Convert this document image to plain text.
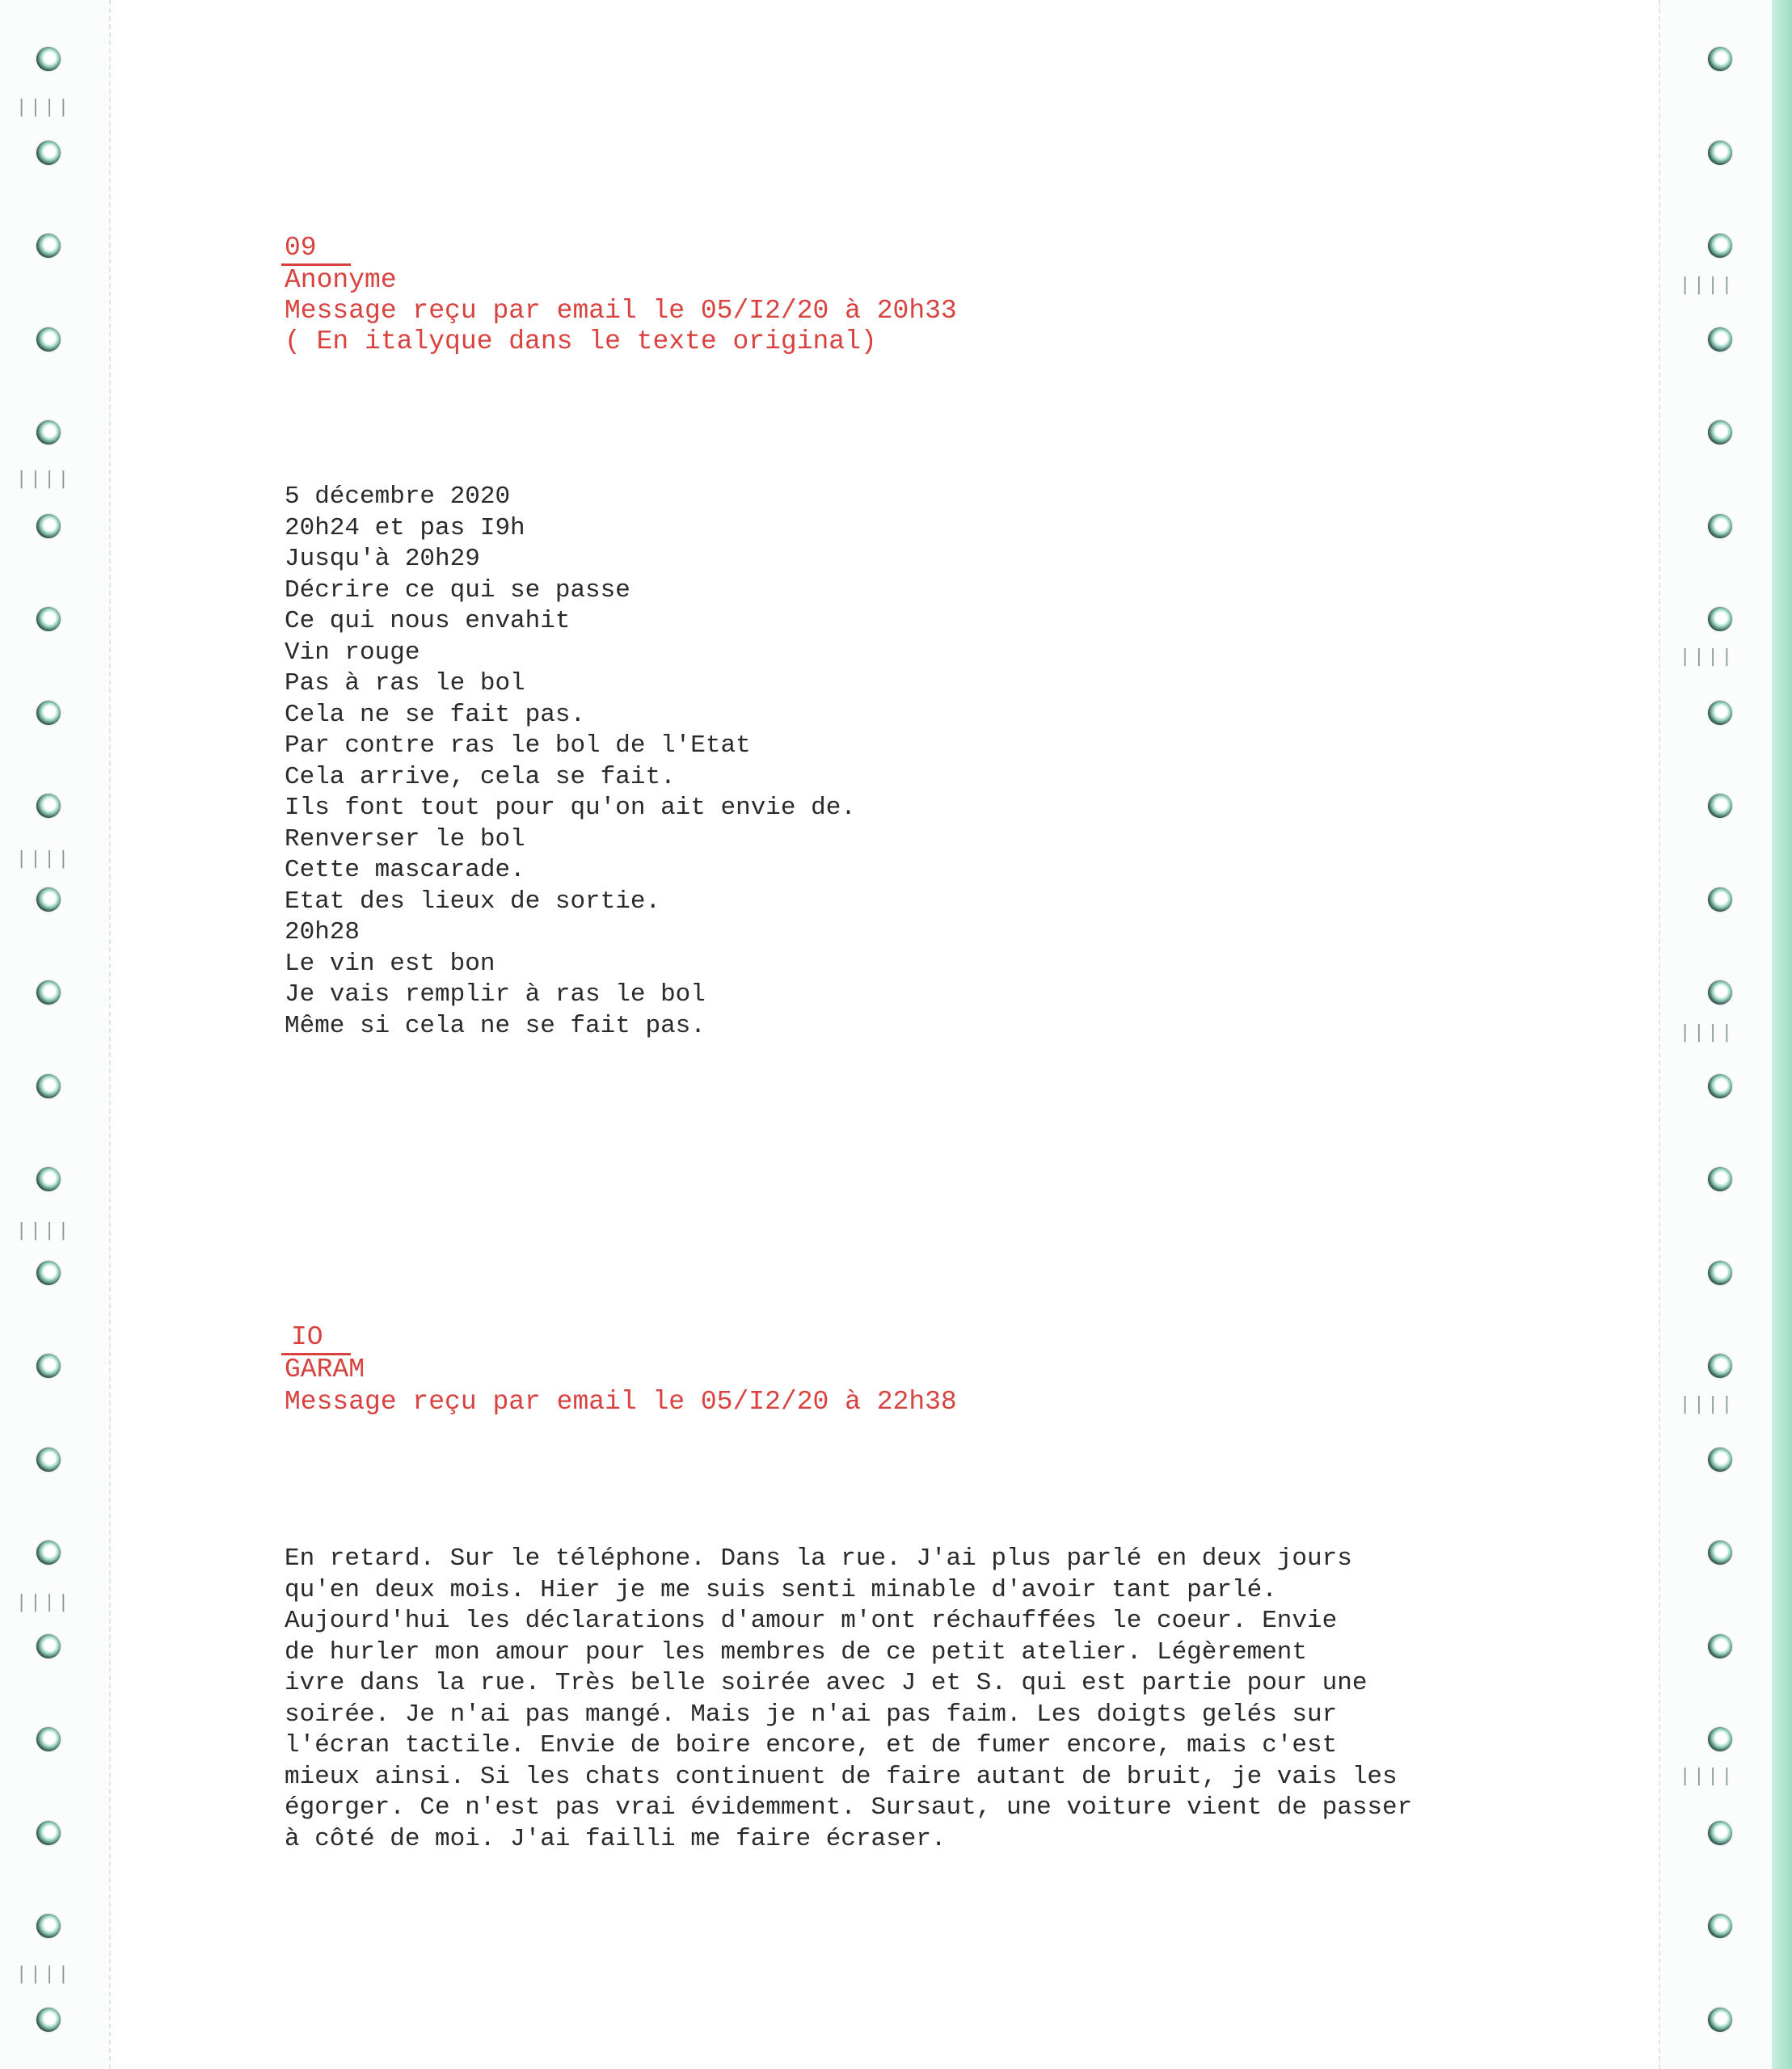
||||
||||
||||
||||
||||
||||
||||
||||
||||
||||
||||
09
Anonyme
Message reçu par email le 05/I2/20 à 20h33
( En italyque dans le texte original)
5 décembre 2020
20h24 et pas I9h
Jusqu'à 20h29
Décrire ce qui se passe
Ce qui nous envahit
Vin rouge
Pas à ras le bol
Cela ne se fait pas.
Par contre ras le bol de l'Etat
Cela arrive, cela se fait.
Ils font tout pour qu'on ait envie de.
Renverser le bol
Cette mascarade.
Etat des lieux de sortie.
20h28
Le vin est bon
Je vais remplir à ras le bol
Même si cela ne se fait pas.
IO
GARAM
Message reçu par email le 05/I2/20 à 22h38
En retard. Sur le téléphone. Dans la rue. J'ai plus parlé en deux jours
qu'en deux mois. Hier je me suis senti minable d'avoir tant parlé.
Aujourd'hui les déclarations d'amour m'ont réchauffées le coeur. Envie
de hurler mon amour pour les membres de ce petit atelier. Légèrement
ivre dans la rue. Très belle soirée avec J et S. qui est partie pour une
soirée. Je n'ai pas mangé. Mais je n'ai pas faim. Les doigts gelés sur
l'écran tactile. Envie de boire encore, et de fumer encore, mais c'est
mieux ainsi. Si les chats continuent de faire autant de bruit, je vais les
égorger. Ce n'est pas vrai évidemment. Sursaut, une voiture vient de passer
à côté de moi. J'ai failli me faire écraser.
